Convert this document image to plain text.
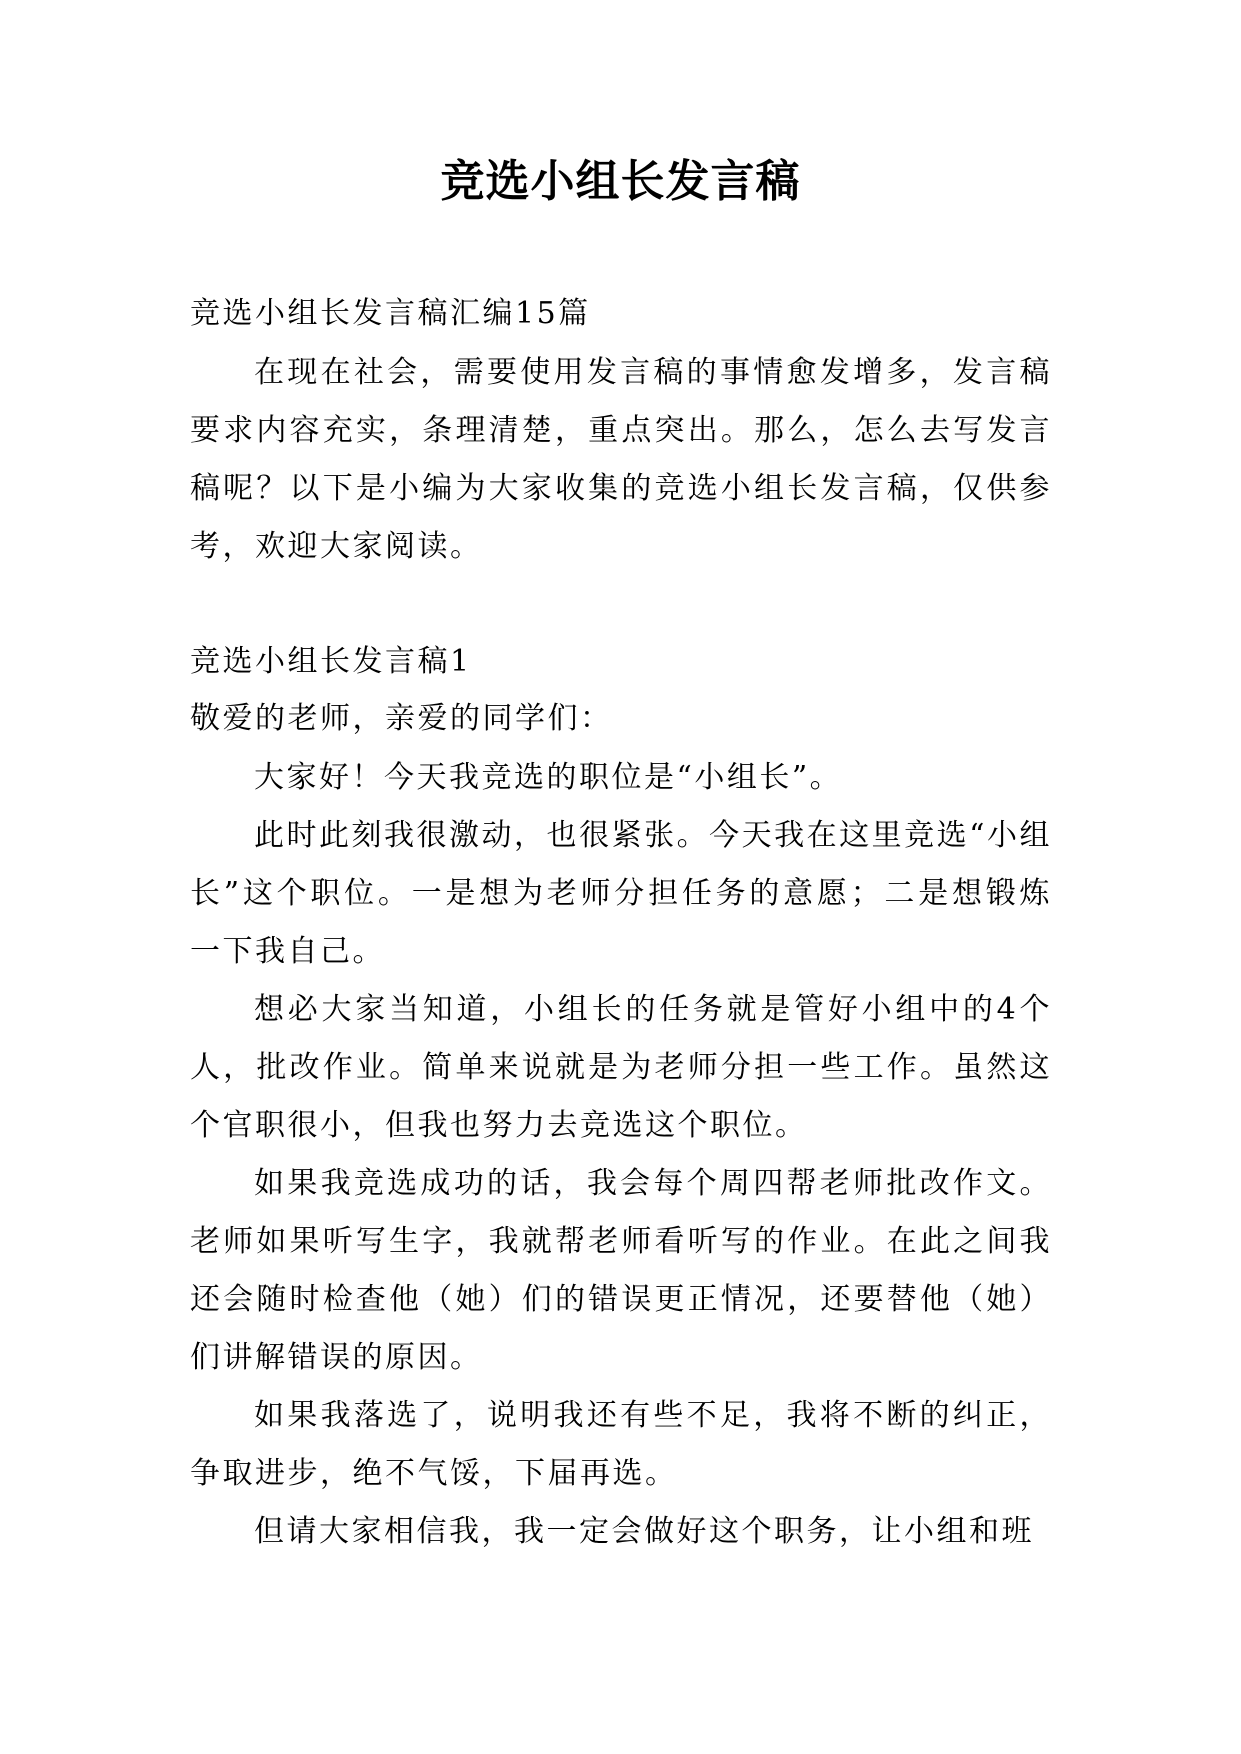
竞选小组长发言稿
竞选小组长发言稿汇编15篇
在现在社会，需要使用发言稿的事情愈发增多，发言稿要求内容充实，条理清楚，重点突出。那么，怎么去写发言稿呢？以下是小编为大家收集的竞选小组长发言稿，仅供参考，欢迎大家阅读。
竞选小组长发言稿1
敬爱的老师，亲爱的同学们：

大家好！今天我竞选的职位是“小组长”。

此时此刻我很激动，也很紧张。今天我在这里竞选“小组长”这个职位。一是想为老师分担任务的意愿；二是想锻炼一下我自己。

想必大家当知道，小组长的任务就是管好小组中的4个人，批改作业。简单来说就是为老师分担一些工作。虽然这个官职很小，但我也努力去竞选这个职位。

如果我竞选成功的话，我会每个周四帮老师批改作文。老师如果听写生字，我就帮老师看听写的作业。在此之间我还会随时检查他（她）们的错误更正情况，还要替他（她）们讲解错误的原因。

如果我落选了，说明我还有些不足，我将不断的纠正，争取进步，绝不气馁，下届再选。

但请大家相信我，我一定会做好这个职务，让小组和班
